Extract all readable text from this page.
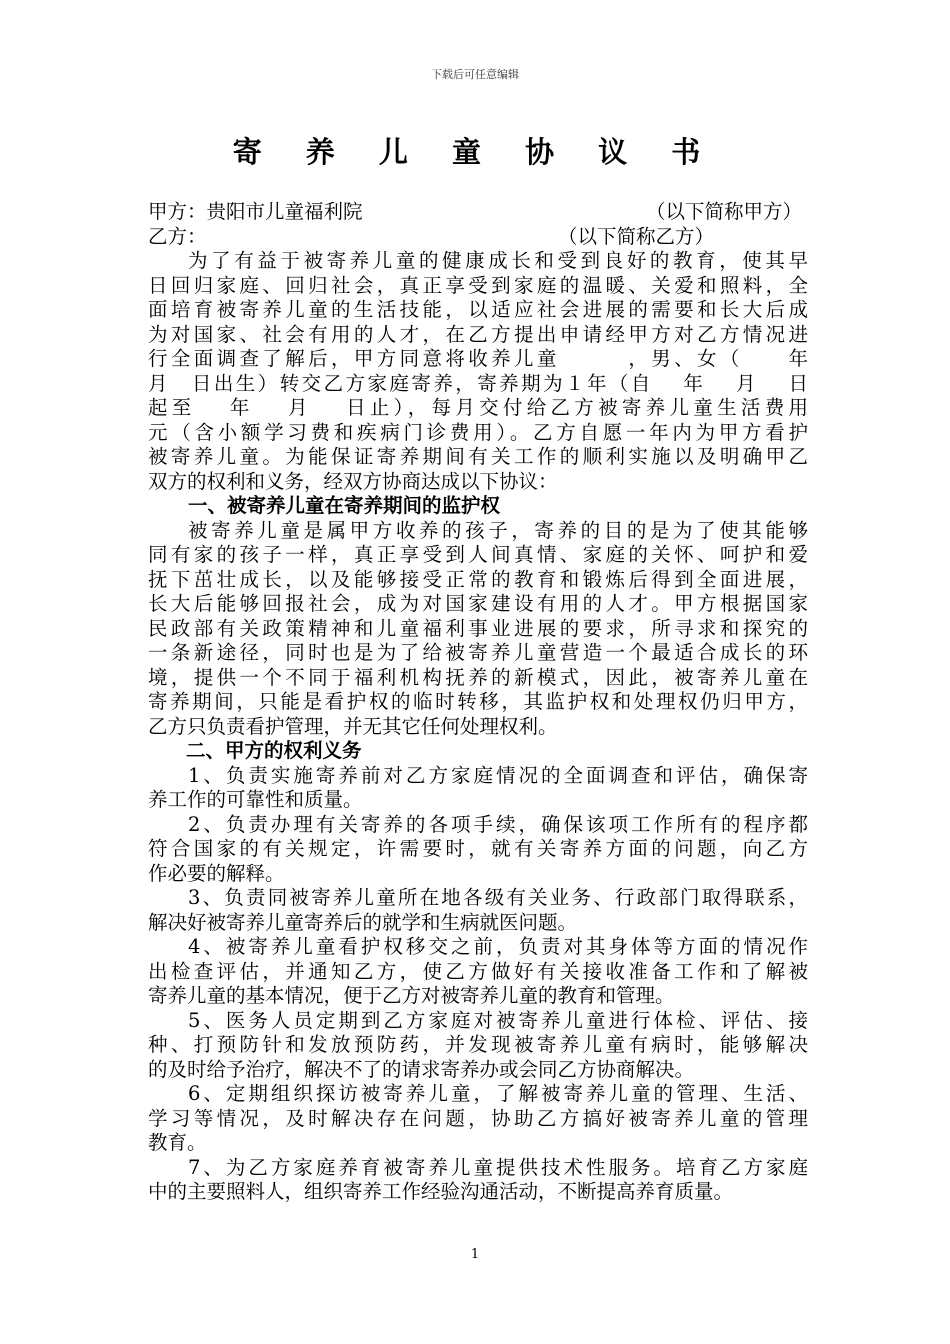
下载后可任意编辑
寄 养 儿 童 协 议 书
甲方：贵阳市儿童福利院	（以下简称甲方）
乙方：	（以下简称乙方）
为了有益于被寄养儿童的健康成长和受到良好的教育，使其早
日回归家庭、回归社会，真正享受到家庭的温暖、关爱和照料，全
面培育被寄养儿童的生活技能，以适应社会进展的需要和长大后成
为对国家、社会有用的人才，在乙方提出申请经甲方对乙方情况进
行全面调查了解后，甲方同意将收养儿童　　　，男、女（　　年
月　日出生）转交乙方家庭寄养，寄养期为１年（自　 年　 月　 日
起至　 年　 月　 日止），每月交付给乙方被寄养儿童生活费用
元（含小额学习费和疾病门诊费用）。乙方自愿一年内为甲方看护
被寄养儿童。为能保证寄养期间有关工作的顺利实施以及明确甲乙
双方的权利和义务，经双方协商达成以下协议：
一、被寄养儿童在寄养期间的监护权
被寄养儿童是属甲方收养的孩子，寄养的目的是为了使其能够
同有家的孩子一样，真正享受到人间真情、家庭的关怀、呵护和爱
抚下茁壮成长，以及能够接受正常的教育和锻炼后得到全面进展，
长大后能够回报社会，成为对国家建设有用的人才。甲方根据国家
民政部有关政策精神和儿童福利事业进展的要求，所寻求和探究的
一条新途径，同时也是为了给被寄养儿童营造一个最适合成长的环
境，提供一个不同于福利机构抚养的新模式，因此，被寄养儿童在
寄养期间，只能是看护权的临时转移，其监护权和处理权仍归甲方，
乙方只负责看护管理，并无其它任何处理权利。
二、甲方的权利义务
1、负责实施寄养前对乙方家庭情况的全面调查和评估，确保寄
养工作的可靠性和质量。
2、负责办理有关寄养的各项手续，确保该项工作所有的程序都
符合国家的有关规定，许需要时，就有关寄养方面的问题，向乙方
作必要的解释。
3、负责同被寄养儿童所在地各级有关业务、行政部门取得联系，
解决好被寄养儿童寄养后的就学和生病就医问题。
4、被寄养儿童看护权移交之前，负责对其身体等方面的情况作
出检查评估，并通知乙方，使乙方做好有关接收准备工作和了解被
寄养儿童的基本情况，便于乙方对被寄养儿童的教育和管理。
5、医务人员定期到乙方家庭对被寄养儿童进行体检、评估、接
种、打预防针和发放预防药，并发现被寄养儿童有病时，能够解决
的及时给予治疗，解决不了的请求寄养办或会同乙方协商解决。
6、定期组织探访被寄养儿童，了解被寄养儿童的管理、生活、
学习等情况，及时解决存在问题，协助乙方搞好被寄养儿童的管理
教育。
7、为乙方家庭养育被寄养儿童提供技术性服务。培育乙方家庭
中的主要照料人，组织寄养工作经验沟通活动，不断提高养育质量。
1
